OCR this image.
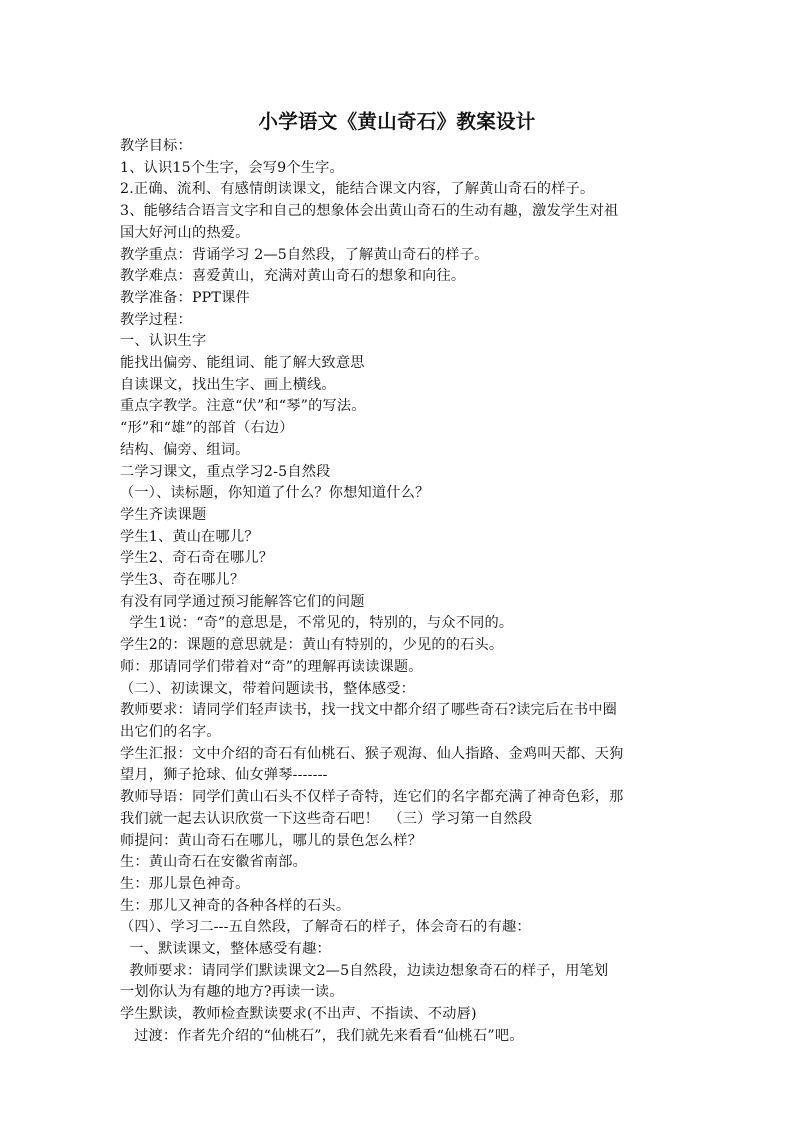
小学语文《黄山奇石》教案设计
教学目标：
1、认识15个生字，会写9个生字。
2.正确、流利、有感情朗读课文，能结合课文内容，了解黄山奇石的样子。
3、能够结合语言文字和自己的想象体会出黄山奇石的生动有趣，激发学生对祖
国大好河山的热爱。
教学重点：背诵学习 2—5自然段，了解黄山奇石的样子。
教学难点：喜爱黄山，充满对黄山奇石的想象和向往。
教学准备：PPT课件
教学过程：
一、认识生字
能找出偏旁、能组词、能了解大致意思
自读课文，找出生字、画上横线。
重点字教学。注意“伏”和“琴”的写法。
“形”和“雄”的部首（右边）
结构、偏旁、组词。
二学习课文，重点学习2-5自然段
（一）、读标题，你知道了什么？你想知道什么？
学生齐读课题
学生1、黄山在哪儿？
学生2、奇石奇在哪儿？
学生3、奇在哪儿？
有没有同学通过预习能解答它们的问题
学生1说：“奇”的意思是，不常见的，特别的，与众不同的。
学生2的：课题的意思就是：黄山有特别的，少见的的石头。
师：那请同学们带着对“奇”的理解再读读课题。
（二）、初读课文，带着问题读书，整体感受：
教师要求：请同学们轻声读书，找一找文中都介绍了哪些奇石?读完后在书中圈
出它们的名字。
学生汇报：文中介绍的奇石有仙桃石、猴子观海、仙人指路、金鸡叫天都、天狗
望月，狮子抢球、仙女弹琴-------
教师导语：同学们黄山石头不仅样子奇特，连它们的名字都充满了神奇色彩，那
我们就一起去认识欣赏一下这些奇石吧！  （三）学习第一自然段
师提问：黄山奇石在哪儿，哪儿的景色怎么样？
生：黄山奇石在安徽省南部。
生：那儿景色神奇。
生：那儿又神奇的各种各样的石头。
（四）、学习二---五自然段，了解奇石的样子，体会奇石的有趣：
一、默读课文，整体感受有趣：
教师要求：请同学们默读课文2—5自然段，边读边想象奇石的样子，用笔划
一划你认为有趣的地方?再读一读。
学生默读，教师检查默读要求(不出声、不指读、不动唇)
过渡：作者先介绍的“仙桃石”，我们就先来看看“仙桃石”吧。
